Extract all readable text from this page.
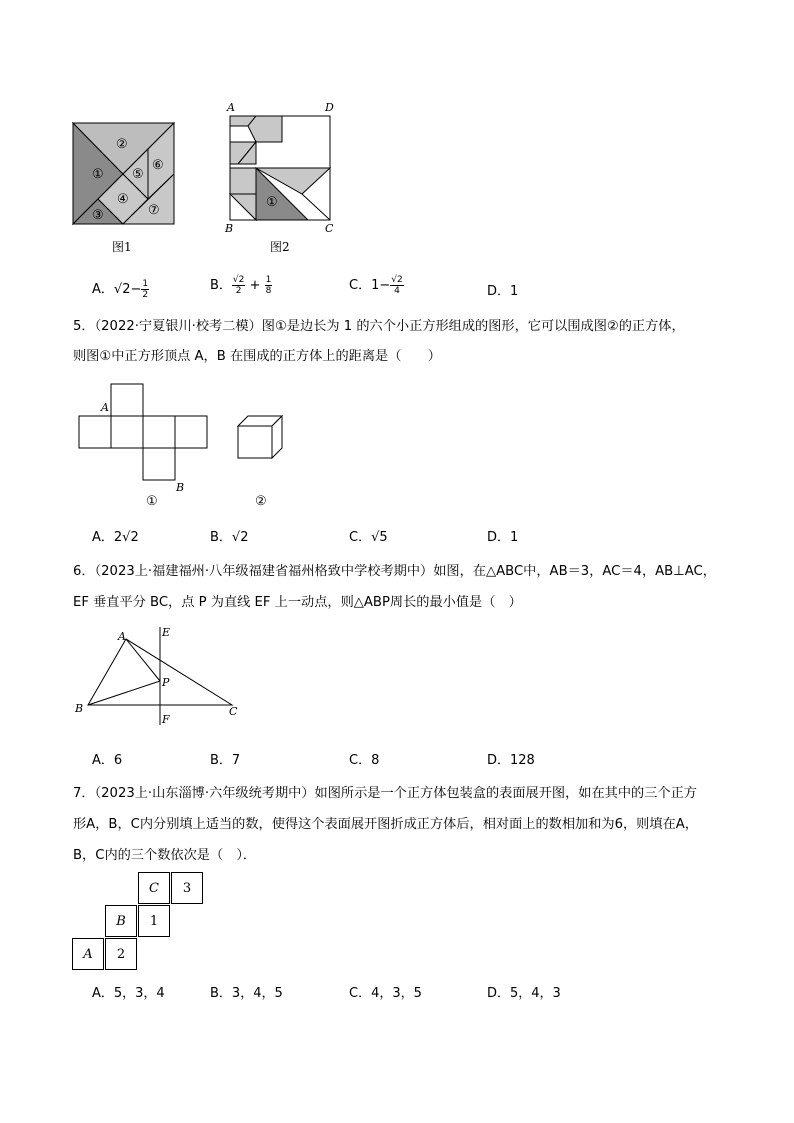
①
②
③
④
⑤
⑥
⑦
图1
①
A	D
B	C
图2
A．$√2- \frac{1}{2}$	B． $\frac{√2}{2} + \frac{1}{8}$	C．$1- \frac{√2}{4}$	D．1
5．（2022·宁夏银川·校考二模）图①是边长为 1 的六个小正方形组成的图形，它可以围成图②的正方体，
则图①中正方形顶点 A，B 在围成的正方体上的距离是（　　）
A
B
①	②
A．2√2	B．√2	C．√5	D．1
6．（2023上·福建福州·八年级福建省福州格致中学校考期中）如图，在△ABC中，AB＝3，AC＝4，AB⊥AC，
EF 垂直平分 BC，点 P 为直线 EF 上一动点，则△ABP周长的最小值是（　）
A	E
P
B
F
C
A．6	B．7	C．8	D．128
7．（2023上·山东淄博·六年级统考期中）如图所示是一个正方体包装盒的表面展开图，如在其中的三个正方
形A，B，C内分别填上适当的数，使得这个表面展开图折成正方体后，相对面上的数相加和为6，则填在A，
B，C内的三个数依次是（　）．
C	3
B	1
A	2
A．5，3，4	B．3，4，5	C．4，3，5	D．5，4，3
